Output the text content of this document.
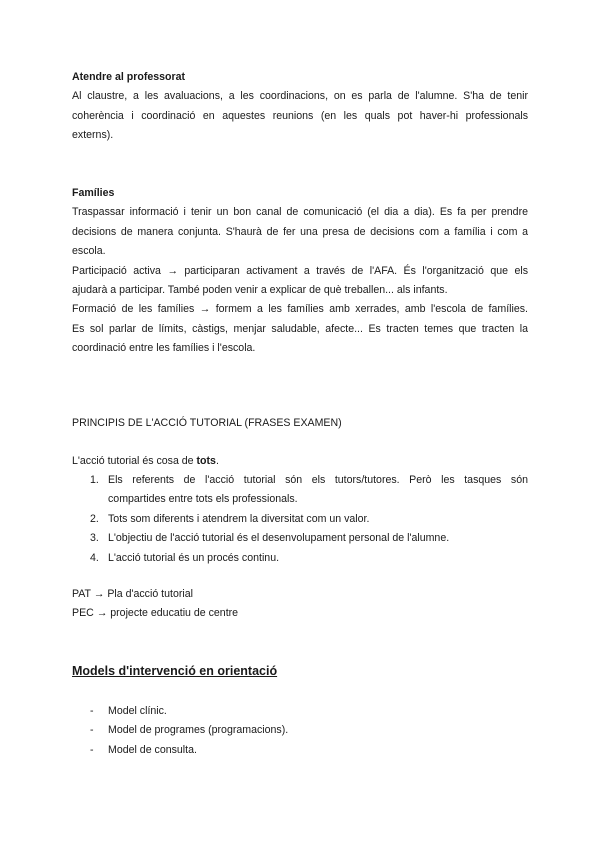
Atendre al professorat
Al claustre, a les avaluacions, a les coordinacions, on es parla de l'alumne. S'ha de tenir
coherència i coordinació en aquestes reunions (en les quals pot haver-hi professionals
externs).
Famílies
Traspassar informació i tenir un bon canal de comunicació (el dia a dia). Es fa per prendre
decisions de manera conjunta. S'haurà de fer una presa de decisions com a família i com a
escola.
Participació activa → participaran activament a través de l'AFA. És l'organització que els
ajudarà a participar. També poden venir a explicar de què treballen... als infants.
Formació de les famílies → formem a les famílies amb xerrades, amb l'escola de famílies.
Es sol parlar de límits, càstigs, menjar saludable, afecte... Es tracten temes que tracten la
coordinació entre les famílies i l'escola.
PRINCIPIS DE L'ACCIÓ TUTORIAL (FRASES EXAMEN)
L'acció tutorial és cosa de tots.
1. Els referents de l'acció tutorial són els tutors/tutores. Però les tasques són
compartides entre tots els professionals.
2. Tots som diferents i atendrem la diversitat com un valor.
3. L'objectiu de l'acció tutorial és el desenvolupament personal de l'alumne.
4. L'acció tutorial és un procés continu.
PAT → Pla d'acció tutorial
PEC → projecte educatiu de centre
Models d'intervenció en orientació
- Model clínic.
- Model de programes (programacions).
- Model de consulta.
